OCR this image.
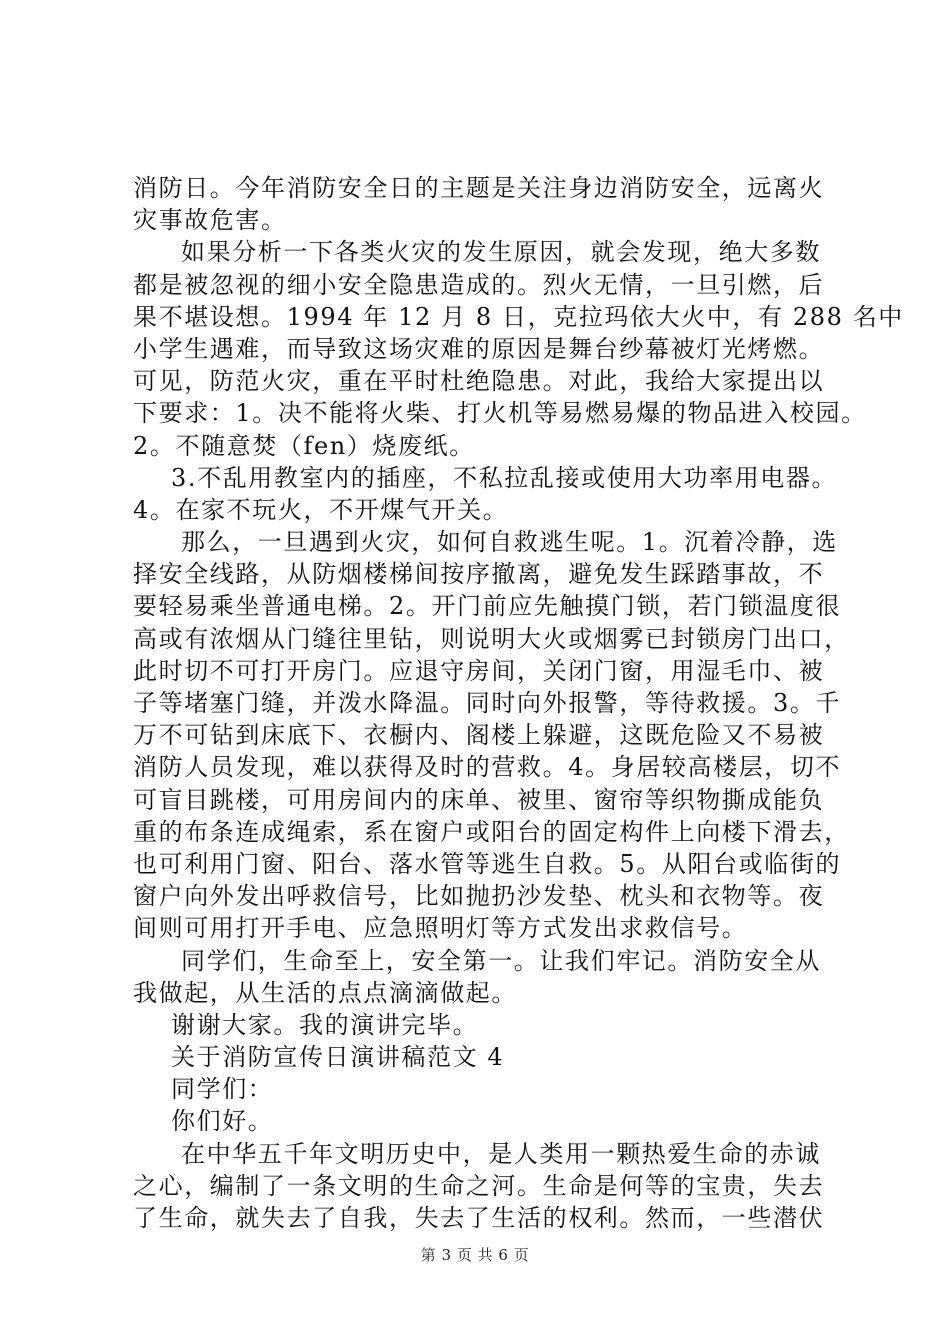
消防日。今年消防安全日的主题是关注身边消防安全，远离火
灾事故危害。
如果分析一下各类火灾的发生原因，就会发现，绝大多数
都是被忽视的细小安全隐患造成的。烈火无情，一旦引燃，后
果不堪设想。1994 年 12 月 8 日，克拉玛依大火中，有 288 名中
小学生遇难，而导致这场灾难的原因是舞台纱幕被灯光烤燃。
可见，防范火灾，重在平时杜绝隐患。对此，我给大家提出以
下要求：1。决不能将火柴、打火机等易燃易爆的物品进入校园。
2。不随意焚（fen）烧废纸。
3.不乱用教室内的插座，不私拉乱接或使用大功率用电器。
4。在家不玩火，不开煤气开关。
那么，一旦遇到火灾，如何自救逃生呢。1。沉着冷静，选
择安全线路，从防烟楼梯间按序撤离，避免发生踩踏事故，不
要轻易乘坐普通电梯。2。开门前应先触摸门锁，若门锁温度很
高或有浓烟从门缝往里钻，则说明大火或烟雾已封锁房门出口，
此时切不可打开房门。应退守房间，关闭门窗，用湿毛巾、被
子等堵塞门缝，并泼水降温。同时向外报警，等待救援。3。千
万不可钻到床底下、衣橱内、阁楼上躲避，这既危险又不易被
消防人员发现，难以获得及时的营救。4。身居较高楼层，切不
可盲目跳楼，可用房间内的床单、被里、窗帘等织物撕成能负
重的布条连成绳索，系在窗户或阳台的固定构件上向楼下滑去，
也可利用门窗、阳台、落水管等逃生自救。5。从阳台或临街的
窗户向外发出呼救信号，比如抛扔沙发垫、枕头和衣物等。夜
间则可用打开手电、应急照明灯等方式发出求救信号。
同学们，生命至上，安全第一。让我们牢记。消防安全从
我做起，从生活的点点滴滴做起。
谢谢大家。我的演讲完毕。
关于消防宣传日演讲稿范文 4
同学们：
你们好。
在中华五千年文明历史中，是人类用一颗热爱生命的赤诚
之心，编制了一条文明的生命之河。生命是何等的宝贵，失去
了生命，就失去了自我，失去了生活的权利。然而，一些潜伏
第 3 页 共 6 页
